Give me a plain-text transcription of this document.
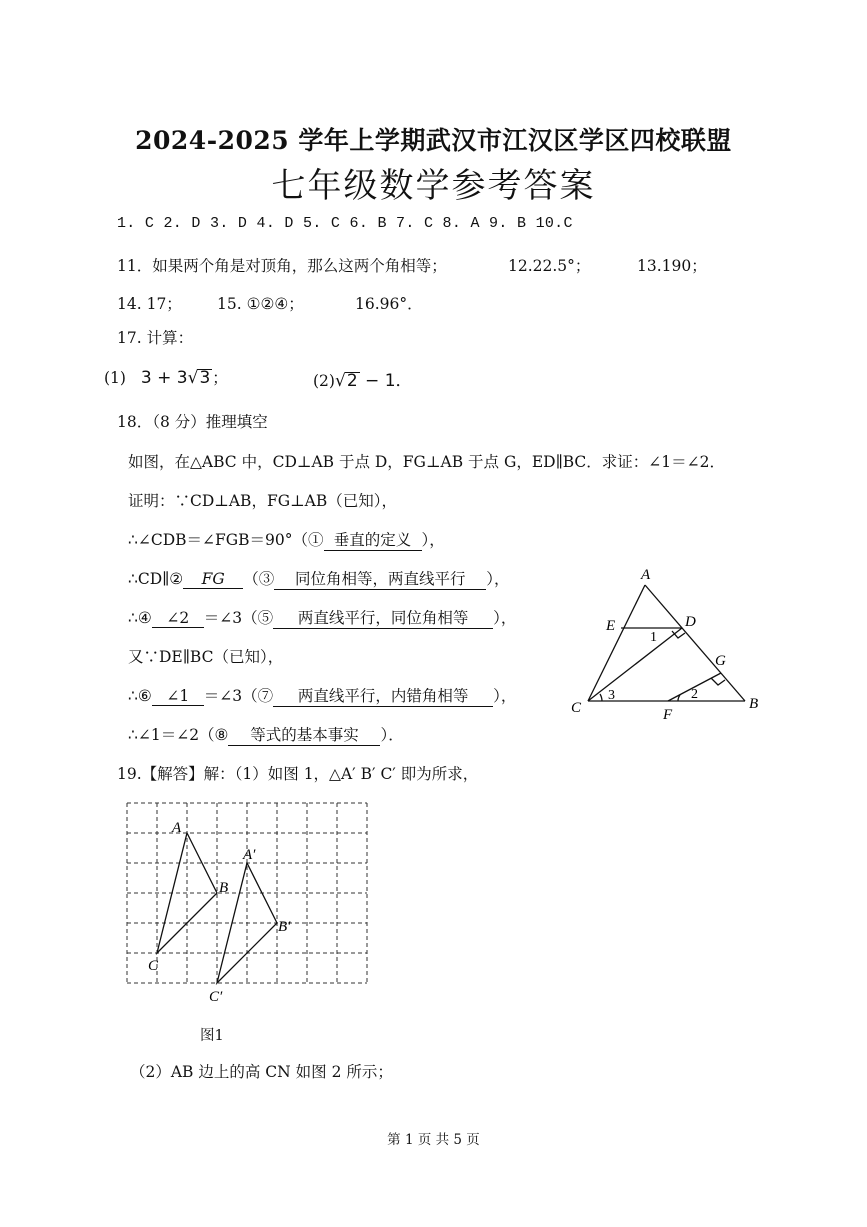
2024-2025 学年上学期武汉市江汉区学区四校联盟
七年级数学参考答案
1. C 2. D 3. D 4. D 5. C 6. B 7. C 8. A 9. B 10.C
11．如果两个角是对顶角，那么这两个角相等；	12.22.5°；	13.190；
14. 17； 15. ①②④；	16.96°．
17. 计算：
(1) 3 + 3√3 ；	(2)√2 − 1．
18．（8 分）推理填空
如图，在△ABC 中，CD⊥AB 于点 D，FG⊥AB 于点 G，ED∥BC．求证：∠1＝∠2．
证明：∵CD⊥AB，FG⊥AB（已知），
∴∠CDB＝∠FGB＝90°（① 垂直的定义 ），
∴CD∥② FG （③ 同位角相等，两直线平行 ），
∴④ ∠2 ＝∠3（⑤ 两直线平行，同位角相等 ），
又∵DE∥BC（已知），
∴⑥ ∠1 ＝∠3（⑦ 两直线平行，内错角相等 ），
∴∠1＝∠2（⑧ 等式的基本事实 ）．
A
B
C
D
E
F
G
1
2
3
19.【解答】解：（1）如图 1，△A′ B′ C′ 即为所求，
A
B
C
A′
B′
C′
图1
（2）AB 边上的高 CN 如图 2 所示；
第 1 页 共 5 页
